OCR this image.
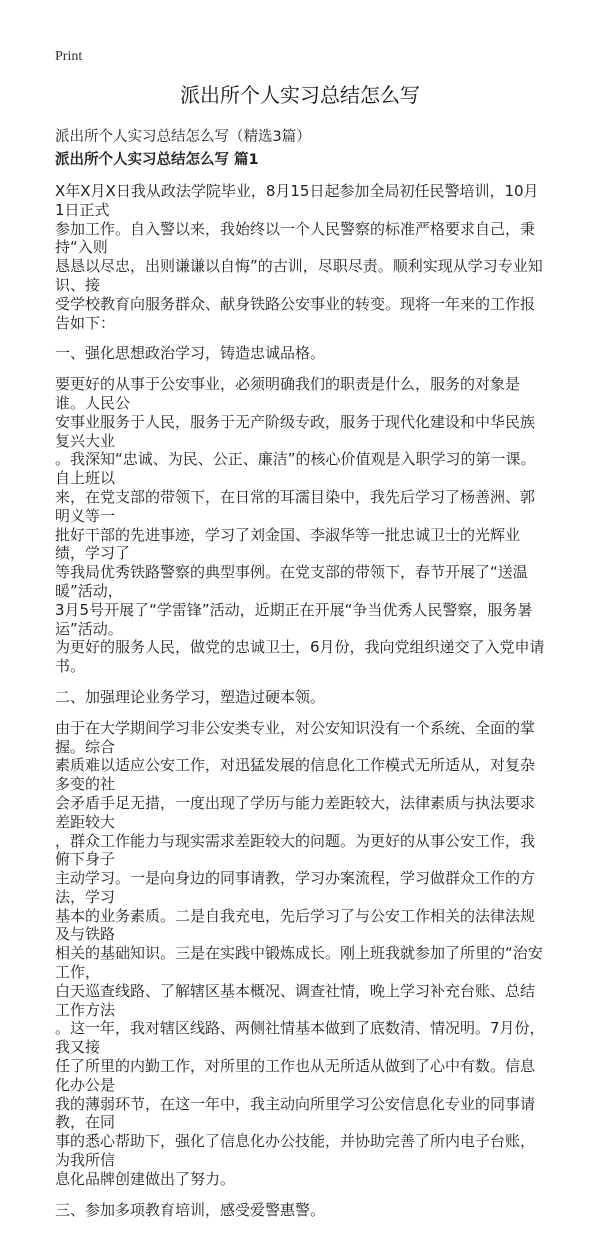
Print
派出所个人实习总结怎么写
派出所个人实习总结怎么写（精选3篇）
派出所个人实习总结怎么写 篇1
X年X月X日我从政法学院毕业，8月15日起参加全局初任民警培训，10月1日正式
参加工作。自入警以来，我始终以一个人民警察的标准严格要求自己，秉持“入则
恳恳以尽忠，出则谦谦以自悔”的古训，尽职尽责。顺利实现从学习专业知识、接
受学校教育向服务群众、献身铁路公安事业的转变。现将一年来的工作报告如下：
一、强化思想政治学习，铸造忠诚品格。
要更好的从事于公安事业，必须明确我们的职责是什么，服务的对象是谁。人民公
安事业服务于人民，服务于无产阶级专政，服务于现代化建设和中华民族复兴大业
。我深知“忠诚、为民、公正、廉洁”的核心价值观是入职学习的第一课。自上班以
来，在党支部的带领下，在日常的耳濡目染中，我先后学习了杨善洲、郭明义等一
批好干部的先进事迹，学习了刘金国、李淑华等一批忠诚卫士的光辉业绩，学习了
等我局优秀铁路警察的典型事例。在党支部的带领下，春节开展了“送温暖”活动，
3月5号开展了“学雷锋”活动，近期正在开展“争当优秀人民警察，服务暑运”活动。
为更好的服务人民，做党的忠诚卫士，6月份，我向党组织递交了入党申请书。
二、加强理论业务学习，塑造过硬本领。
由于在大学期间学习非公安类专业，对公安知识没有一个系统、全面的掌握。综合
素质难以适应公安工作，对迅猛发展的信息化工作模式无所适从，对复杂多变的社
会矛盾手足无措，一度出现了学历与能力差距较大，法律素质与执法要求差距较大
，群众工作能力与现实需求差距较大的问题。为更好的从事公安工作，我俯下身子
主动学习。一是向身边的同事请教，学习办案流程，学习做群众工作的方法，学习
基本的业务素质。二是自我充电，先后学习了与公安工作相关的法律法规及与铁路
相关的基础知识。三是在实践中锻炼成长。刚上班我就参加了所里的“治安工作，
白天巡查线路、了解辖区基本概况、调查社情，晚上学习补充台账、总结工作方法
。这一年，我对辖区线路、两侧社情基本做到了底数清、情况明。7月份，我又接
任了所里的内勤工作，对所里的工作也从无所适从做到了心中有数。信息化办公是
我的薄弱环节，在这一年中，我主动向所里学习公安信息化专业的同事请教，在同
事的悉心帮助下，强化了信息化办公技能，并协助完善了所内电子台账，为我所信
息化品牌创建做出了努力。
三、参加多项教育培训，感受爱警惠警。
